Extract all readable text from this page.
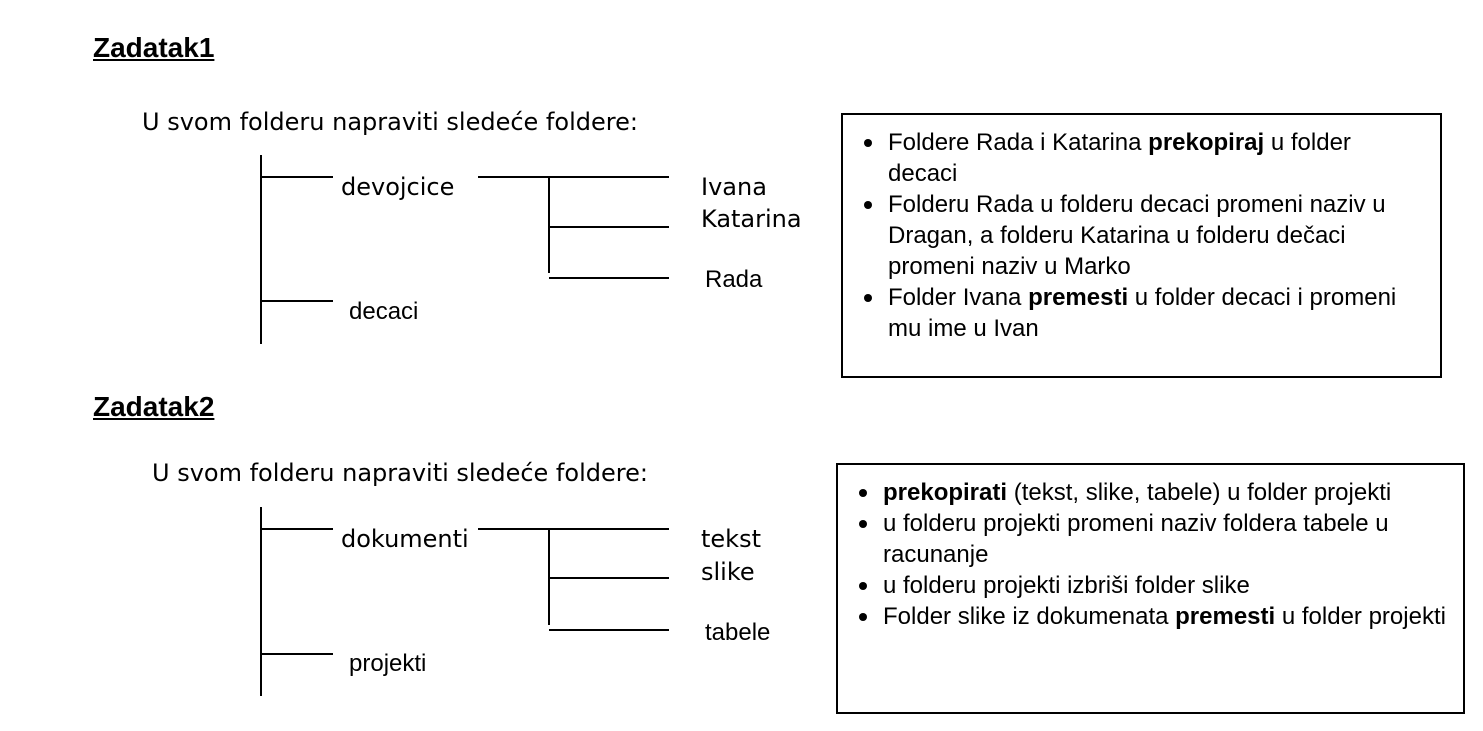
Zadatak1

U svom folderu napraviti sledeće foldere:

Zadatak2

U svom folderu napraviti sledeće foldere:

devojcice
decaci
Ivana
Katarina
Rada
dokumenti
projekti
tekst
slike
tabele
Foldere Rada i Katarina prekopiraj u folder decaci
Folderu Rada u folderu decaci promeni naziv u Dragan, a folderu Katarina u folderu dečaci promeni naziv u Marko
Folder Ivana premesti u folder decaci i promeni mu ime u Ivan
prekopirati (tekst, slike, tabele) u folder projekti
u folderu projekti promeni naziv foldera tabele u racunanje
u folderu projekti izbriši folder slike
Folder slike iz dokumenata premesti u folder projekti
